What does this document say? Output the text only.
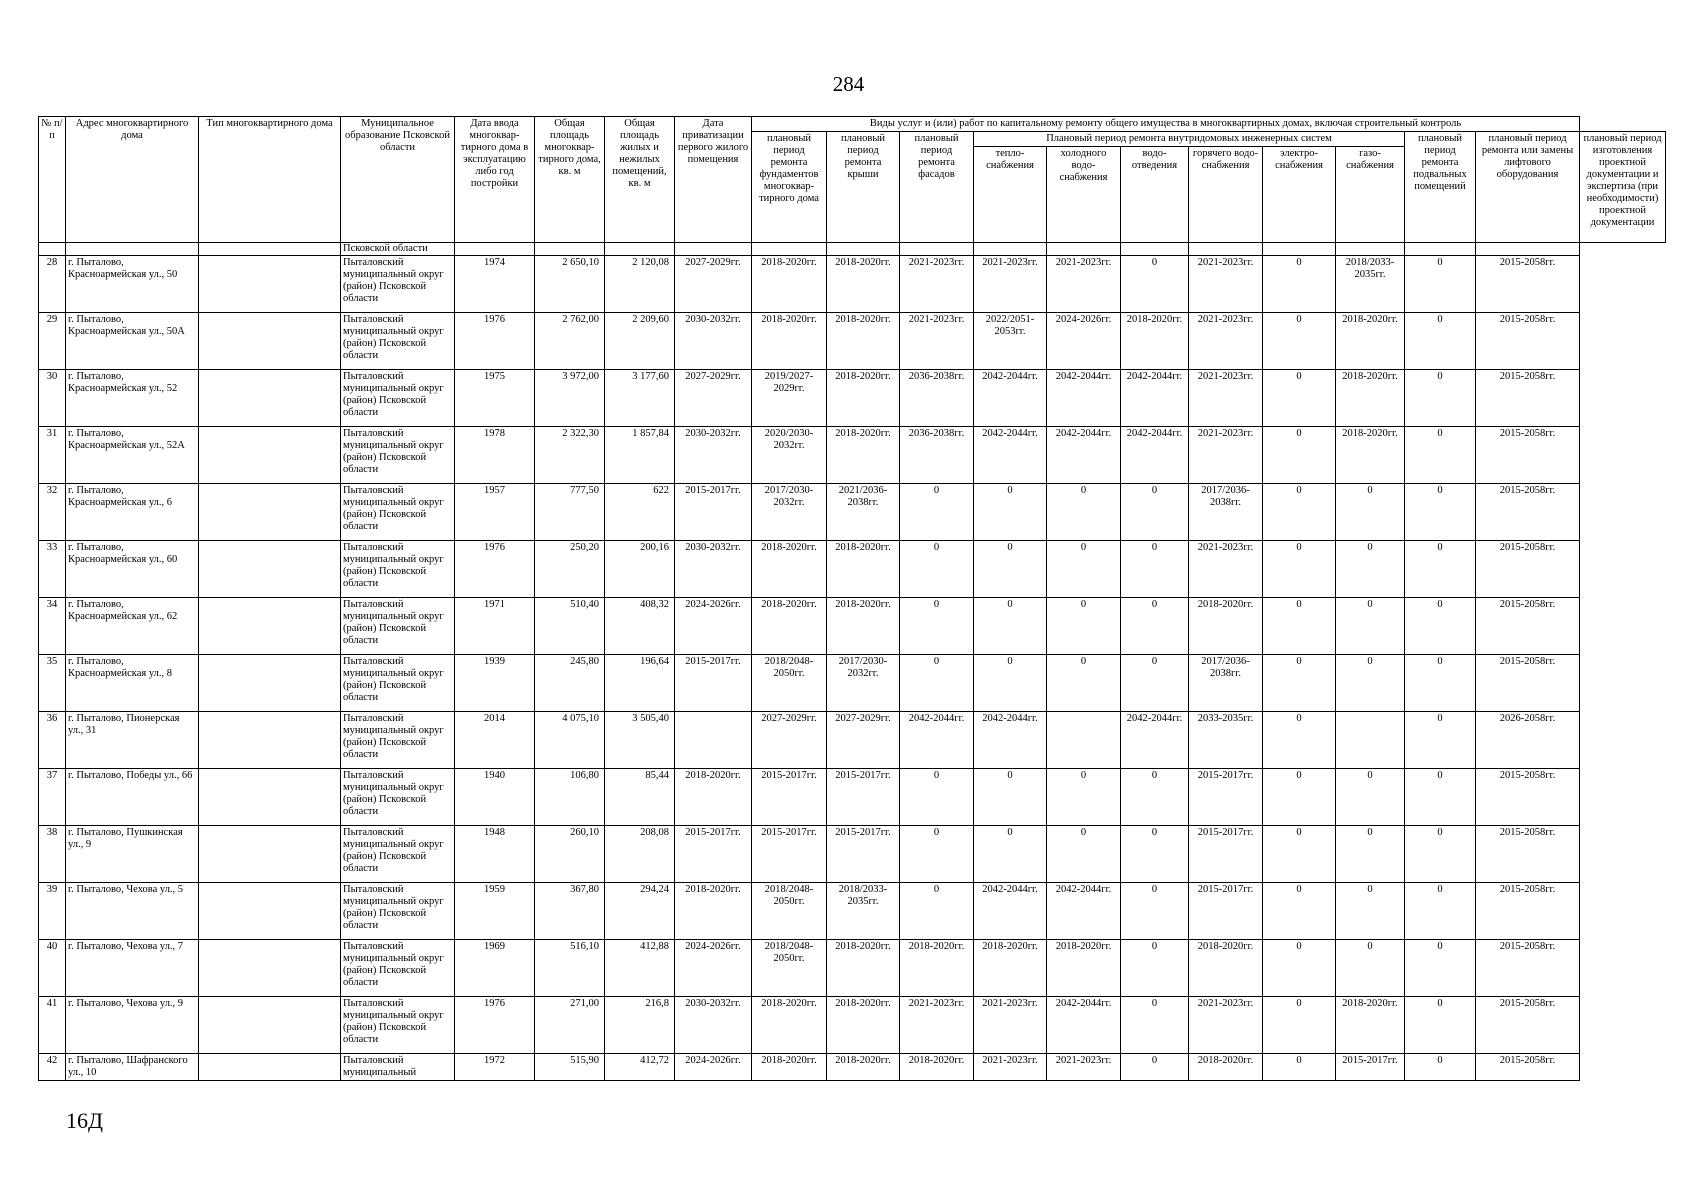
284
№ п/п	Адрес многоквартирного дома	Тип многоквартирного дома	Муниципальное образование Псковской области	Дата ввода многоквар-тирного дома в эксплуатацию либо год постройки	Общая площадь многоквар-тирного дома, кв. м	Общая площадь жилых и нежилых помещений, кв. м	Дата приватизации первого жилого помещения	Виды услуг и (или) работ по капитальному ремонту общего имущества в многоквартирных домах, включая строительный контроль											
								плановый период ремонта фундаментов многоквар-тирного дома	плановый период ремонта крыши	плановый период ремонта фасадов	Плановый период ремонта внутридомовых инженерных систем						плановый период ремонта подвальных помещений	плановый период ремонта или замены лифтового оборудования	плановый период изготовления проектной документации и экспертиза (при необходимости) проектной документации
											тепло-снабжения	холодного водо-снабжения	водо-отведения	горячего водо-снабжения	электро-снабжения	газо-снабжения			
			Псковской области																
28	г. Пыталово, Красноармейская ул., 50		Пыталовский муниципальный округ (район) Псковской области	1974	2 650,10	2 120,08	2027-2029гг.	2018-2020гг.	2018-2020гг.	2021-2023гг.	2021-2023гг.	2021-2023гг.	0	2021-2023гг.	0	2018/2033-2035гг.	0	2015-2058гг.	
29	г. Пыталово, Красноармейская ул., 50А		Пыталовский муниципальный округ (район) Псковской области	1976	2 762,00	2 209,60	2030-2032гг.	2018-2020гг.	2018-2020гг.	2021-2023гг.	2022/2051-2053гг.	2024-2026гг.	2018-2020гг.	2021-2023гг.	0	2018-2020гг.	0	2015-2058гг.	
30	г. Пыталово, Красноармейская ул., 52		Пыталовский муниципальный округ (район) Псковской области	1975	3 972,00	3 177,60	2027-2029гг.	2019/2027-2029гг.	2018-2020гг.	2036-2038гг.	2042-2044гг.	2042-2044гг.	2042-2044гг.	2021-2023гг.	0	2018-2020гг.	0	2015-2058гг.	
31	г. Пыталово, Красноармейская ул., 52А		Пыталовский муниципальный округ (район) Псковской области	1978	2 322,30	1 857,84	2030-2032гг.	2020/2030-2032гг.	2018-2020гг.	2036-2038гг.	2042-2044гг.	2042-2044гг.	2042-2044гг.	2021-2023гг.	0	2018-2020гг.	0	2015-2058гг.	
32	г. Пыталово, Красноармейская ул., 6		Пыталовский муниципальный округ (район) Псковской области	1957	777,50	622	2015-2017гг.	2017/2030-2032гг.	2021/2036-2038гг.	0	0	0	0	2017/2036-2038гг.	0	0	0	2015-2058гг.	
33	г. Пыталово, Красноармейская ул., 60		Пыталовский муниципальный округ (район) Псковской области	1976	250,20	200,16	2030-2032гг.	2018-2020гг.	2018-2020гг.	0	0	0	0	2021-2023гг.	0	0	0	2015-2058гг.	
34	г. Пыталово, Красноармейская ул., 62		Пыталовский муниципальный округ (район) Псковской области	1971	510,40	408,32	2024-2026гг.	2018-2020гг.	2018-2020гг.	0	0	0	0	2018-2020гг.	0	0	0	2015-2058гг.	
35	г. Пыталово, Красноармейская ул., 8		Пыталовский муниципальный округ (район) Псковской области	1939	245,80	196,64	2015-2017гг.	2018/2048-2050гг.	2017/2030-2032гг.	0	0	0	0	2017/2036-2038гг.	0	0	0	2015-2058гг.	
36	г. Пыталово, Пионерская ул., 31		Пыталовский муниципальный округ (район) Псковской области	2014	4 075,10	3 505,40		2027-2029гг.	2027-2029гг.	2042-2044гг.	2042-2044гг.		2042-2044гг.	2033-2035гг.	0		0	2026-2058гг.	
37	г. Пыталово, Победы ул., 66		Пыталовский муниципальный округ (район) Псковской области	1940	106,80	85,44	2018-2020гг.	2015-2017гг.	2015-2017гг.	0	0	0	0	2015-2017гг.	0	0	0	2015-2058гг.	
38	г. Пыталово, Пушкинская ул., 9		Пыталовский муниципальный округ (район) Псковской области	1948	260,10	208,08	2015-2017гг.	2015-2017гг.	2015-2017гг.	0	0	0	0	2015-2017гг.	0	0	0	2015-2058гг.	
39	г. Пыталово, Чехова ул., 5		Пыталовский муниципальный округ (район) Псковской области	1959	367,80	294,24	2018-2020гг.	2018/2048-2050гг.	2018/2033-2035гг.	0	2042-2044гг.	2042-2044гг.	0	2015-2017гг.	0	0	0	2015-2058гг.	
40	г. Пыталово, Чехова ул., 7		Пыталовский муниципальный округ (район) Псковской области	1969	516,10	412,88	2024-2026гг.	2018/2048-2050гг.	2018-2020гг.	2018-2020гг.	2018-2020гг.	2018-2020гг.	0	2018-2020гг.	0	0	0	2015-2058гг.	
41	г. Пыталово, Чехова ул., 9		Пыталовский муниципальный округ (район) Псковской области	1976	271,00	216,8	2030-2032гг.	2018-2020гг.	2018-2020гг.	2021-2023гг.	2021-2023гг.	2042-2044гг.	0	2021-2023гг.	0	2018-2020гг.	0	2015-2058гг.	
42	г. Пыталово, Шафранского ул., 10		Пыталовский муниципальный	1972	515,90	412,72	2024-2026гг.	2018-2020гг.	2018-2020гг.	2018-2020гг.	2021-2023гг.	2021-2023гг.	0	2018-2020гг.	0	2015-2017гг.	0	2015-2058гг.	
16Д
